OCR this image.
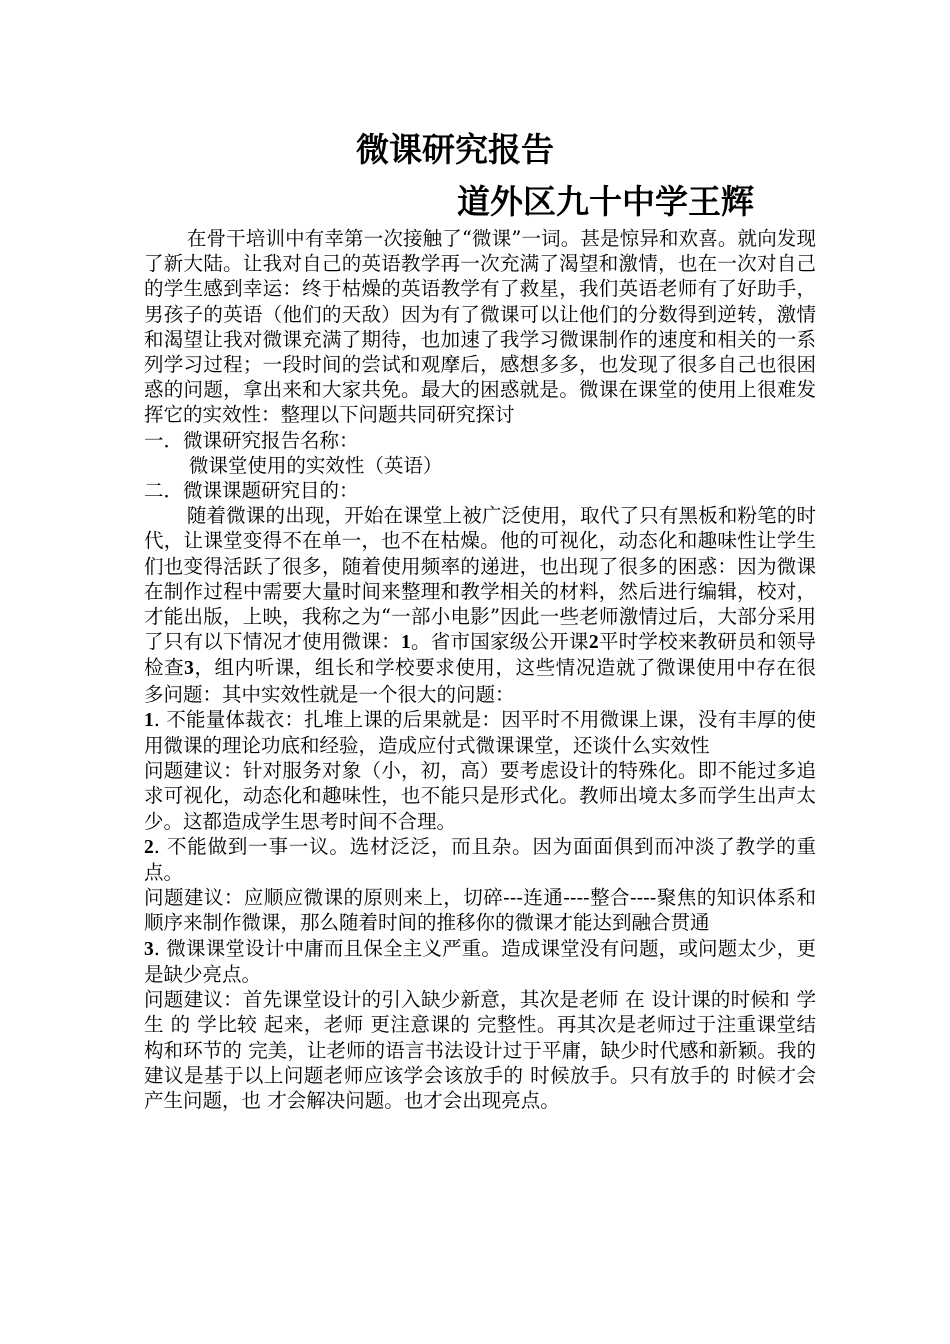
微课研究报告
道外区九十中学王辉

在骨干培训中有幸第一次接触了“微课”一词。甚是惊异和欢喜。就向发现了新大陆。让我对自己的英语教学再一次充满了渴望和激情，也在一次对自己的学生感到幸运：终于枯燥的英语教学有了救星，我们英语老师有了好助手，男孩子的英语（他们的天敌）因为有了微课可以让他们的分数得到逆转，激情和渴望让我对微课充满了期待，也加速了我学习微课制作的速度和相关的一系列学习过程；一段时间的尝试和观摩后，感想多多，也发现了很多自己也很困惑的问题，拿出来和大家共免。最大的困惑就是。微课在课堂的使用上很难发挥它的实效性：整理以下问题共同研究探讨

一．微课研究报告名称：

微课堂使用的实效性（英语）

二．微课课题研究目的：

随着微课的出现，开始在课堂上被广泛使用，取代了只有黑板和粉笔的时代，让课堂变得不在单一，也不在枯燥。他的可视化，动态化和趣味性让学生们也变得活跃了很多，随着使用频率的递进，也出现了很多的困惑：因为微课在制作过程中需要大量时间来整理和教学相关的材料，然后进行编辑，校对，才能出版，上映，我称之为“一部小电影”因此一些老师激情过后，大部分采用了只有以下情况才使用微课：1。省市国家级公开课2平时学校来教研员和领导检查3，组内听课，组长和学校要求使用，这些情况造就了微课使用中存在很多问题：其中实效性就是一个很大的问题：

1. 不能量体裁衣：扎堆上课的后果就是：因平时不用微课上课，没有丰厚的使用微课的理论功底和经验，造成应付式微课课堂，还谈什么实效性

问题建议：针对服务对象（小，初，高）要考虑设计的特殊化。即不能过多追求可视化，动态化和趣味性，也不能只是形式化。教师出境太多而学生出声太少。这都造成学生思考时间不合理。

2. 不能做到一事一议。选材泛泛，而且杂。因为面面俱到而冲淡了教学的重点。

问题建议：应顺应微课的原则来上，切碎---连通----整合----聚焦的知识体系和顺序来制作微课，那么随着时间的推移你的微课才能达到融合贯通

3. 微课课堂设计中庸而且保全主义严重。造成课堂没有问题，或问题太少，更是缺少亮点。

问题建议：首先课堂设计的引入缺少新意，其次是老师 在 设计课的时候和 学生 的 学比较 起来，老师 更注意课的 完整性。再其次是老师过于注重课堂结构和环节的 完美，让老师的语言书法设计过于平庸，缺少时代感和新颖。我的 建议是基于以上问题老师应该学会该放手的 时候放手。只有放手的 时候才会产生问题，也 才会解决问题。也才会出现亮点。
